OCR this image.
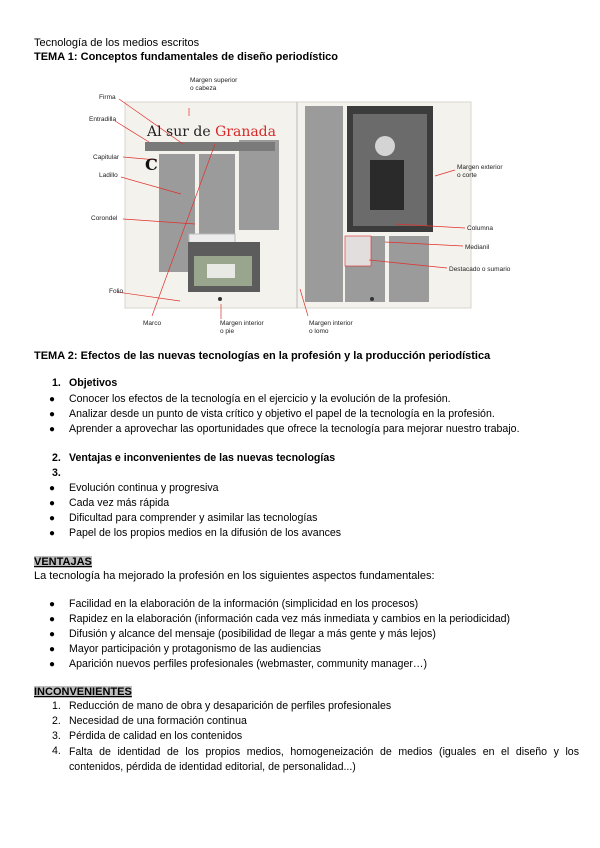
Tecnología de los medios escritos
TEMA 1: Conceptos fundamentales de diseño periodístico
Al sur de Granada
C
Firma
Entradilla
Capitular
Ladillo
Corondel
Folio
Marco
Margen superior
o cabeza
Margen interior
o pie
Margen interior
o lomo
Margen exterior
o corte
Columna
Medianil
Destacado o sumario
TEMA 2: Efectos de las nuevas tecnologías en la profesión y la producción periodística
1. Objetivos
● Conocer los efectos de la tecnología en el ejercicio y la evolución de la profesión.
● Analizar desde un punto de vista crítico y objetivo el papel de la tecnología en la profesión.
● Aprender a aprovechar las oportunidades que ofrece la tecnología para mejorar nuestro trabajo.
2. Ventajas e inconvenientes de las nuevas tecnologías
3.
● Evolución continua y progresiva
● Cada vez más rápida
● Dificultad para comprender y asimilar las tecnologías
● Papel de los propios medios en la difusión de los avances
VENTAJAS
La tecnología ha mejorado la profesión en los siguientes aspectos fundamentales:
● Facilidad en la elaboración de la información (simplicidad en los procesos)
● Rapidez en la elaboración (información cada vez más inmediata y cambios en la periodicidad)
● Difusión y alcance del mensaje (posibilidad de llegar a más gente y más lejos)
● Mayor participación y protagonismo de las audiencias
● Aparición nuevos perfiles profesionales (webmaster, community manager…)
INCONVENIENTES
1. Reducción de mano de obra y desaparición de perfiles profesionales
2. Necesidad de una formación continua
3. Pérdida de calidad en los contenidos
4. Falta de identidad de los propios medios, homogeneización de medios (iguales en el diseño y los contenidos, pérdida de identidad editorial, de personalidad...)
